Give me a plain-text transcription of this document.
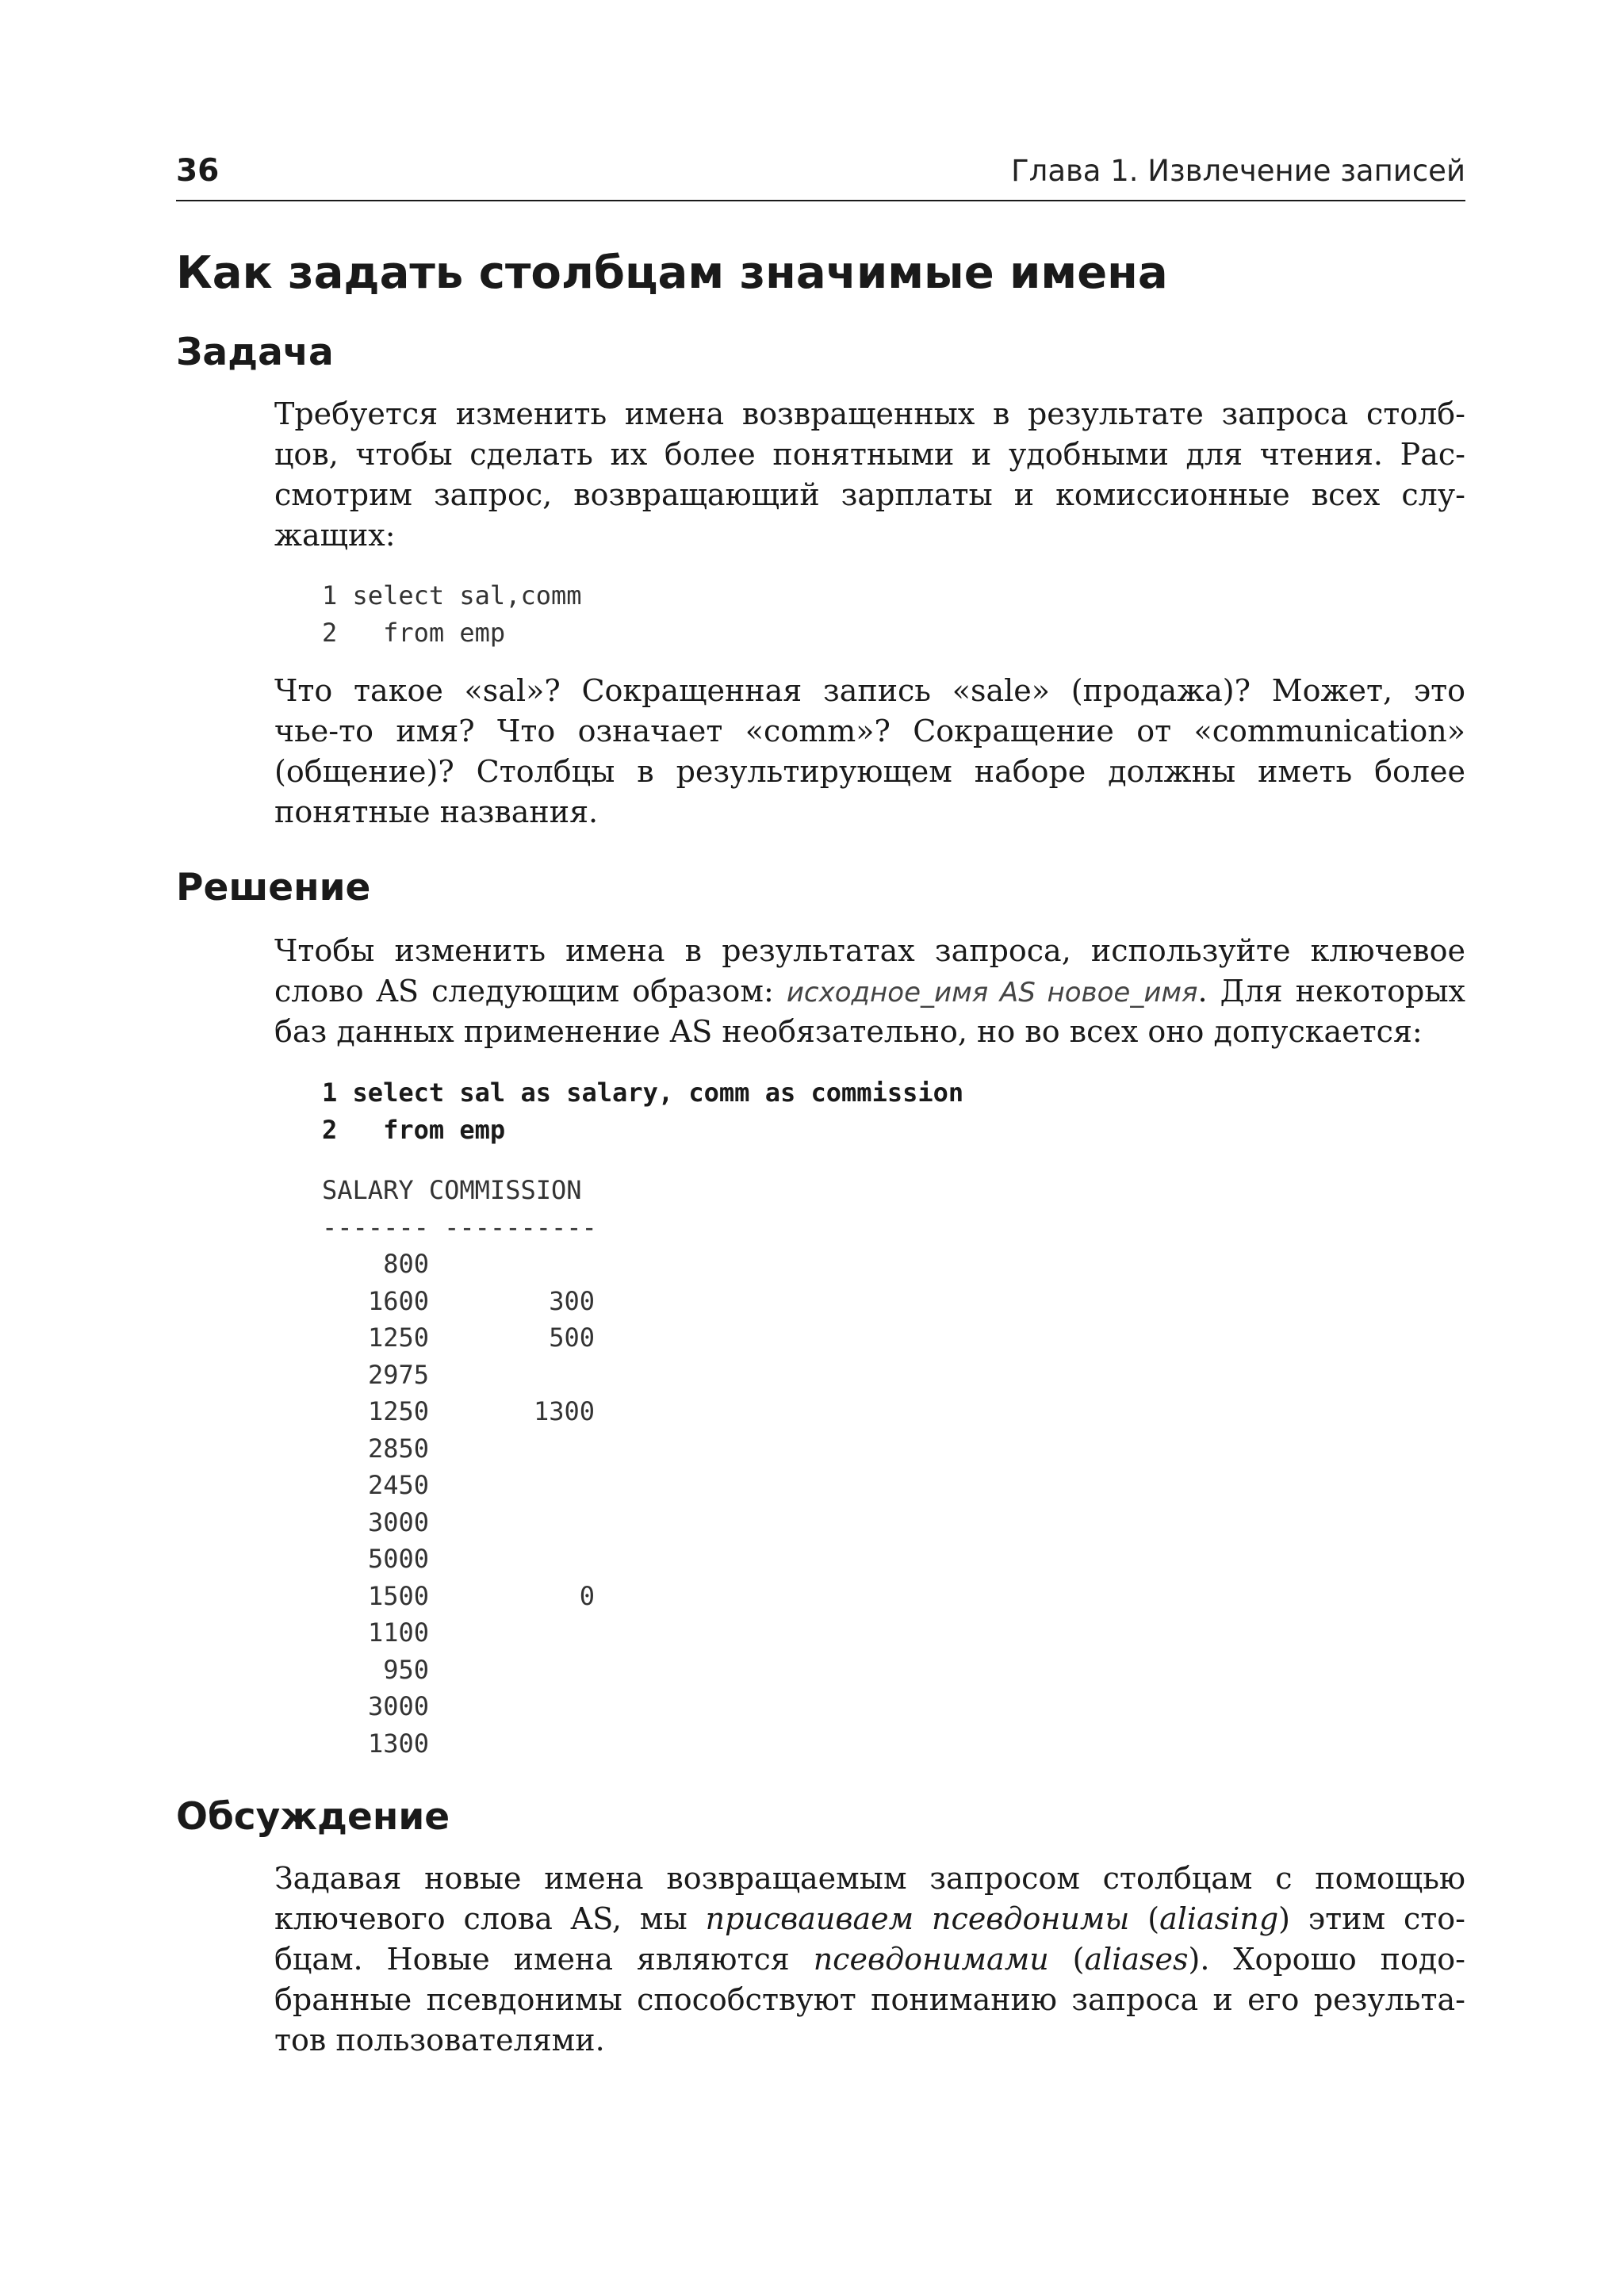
36	Глава 1. Извлечение записей
Как задать столбцам значимые имена
Задача

Требуется изменить имена возвращенных в результате запроса столб-

цов, чтобы сделать их более понятными и удобными для чтения. Рас-

смотрим запрос, возвращающий зарплаты и комиссионные всех слу-

жащих:

1 select sal,comm
2   from emp

Что такое «sal»? Сокращенная запись «sale» (продажа)? Может, это

чье-то имя? Что означает «comm»? Сокращение от «communication»

(общение)? Столбцы в результирующем наборе должны иметь более

понятные названия.

Решение

Чтобы изменить имена в результатах запроса, используйте ключевое

слово AS следующим образом: исходное_имя AS новое_имя. Для некоторых

баз данных применение AS необязательно, но во всех оно допускается:

1 select sal as salary, comm as commission
2   from emp
SALARY COMMISSION
------- ----------
800
1600	300
1250	500
2975
1250	1300
2850
2450
3000
5000
1500	0
1100
950
3000
1300
Обсуждение

Задавая новые имена возвращаемым запросом столбцам с помощью

ключевого слова AS, мы присваиваем псевдонимы (aliasing) этим сто-

бцам. Новые имена являются псевдонимами (aliases). Хорошо подо-

бранные псевдонимы способствуют пониманию запроса и его результа-

тов пользователями.
